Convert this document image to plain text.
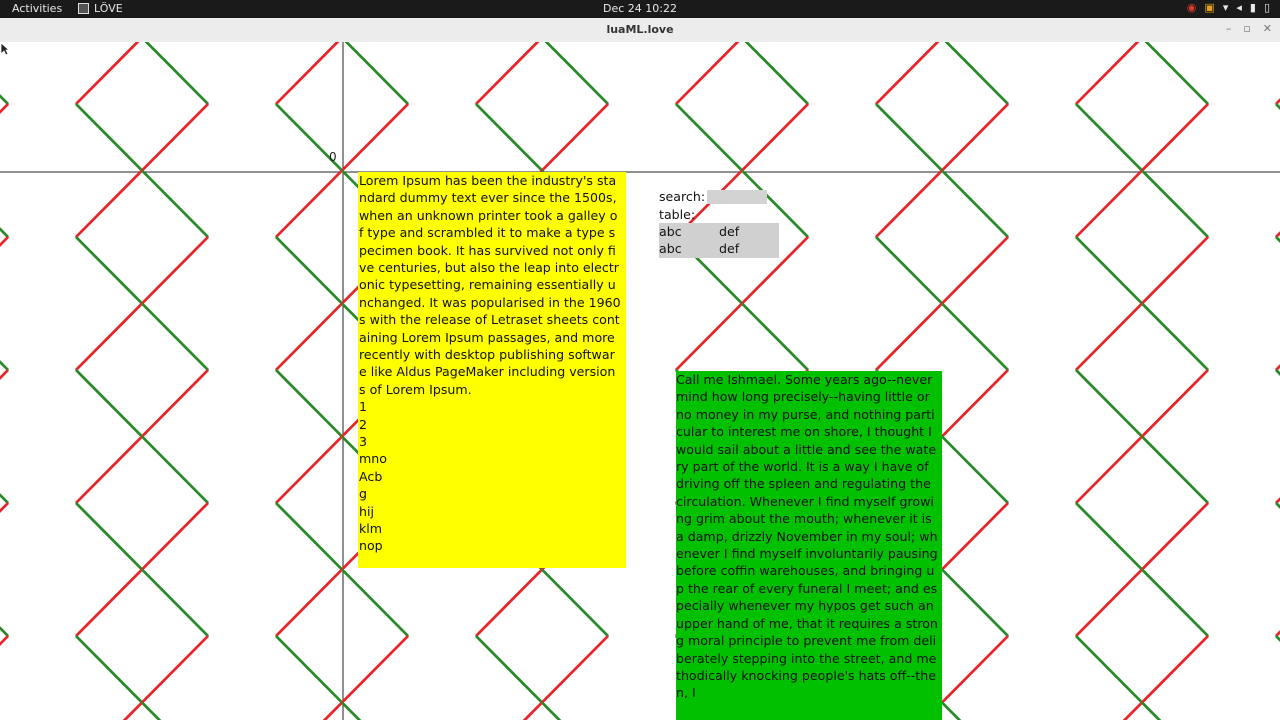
Activities	LÖVE	Dec 24 10:22	◉ ▣ ▾ ◂ ▮ ▯
luaML.love	– ▫ ✕
0
Lorem Ipsum has been the industry's standard dummy text ever since the 1500s, when an unknown printer took a galley of type and scrambled it to make a type specimen book. It has survived not only five centuries, but also the leap into electronic typesetting, remaining essentially unchanged. It was popularised in the 1960s with the release of Letraset sheets containing Lorem Ipsum passages, and more recently with desktop publishing software like Aldus PageMaker including versions of Lorem Ipsum.
1
2
3
mno
Acb
g
hij
klm
nop
search:
table:
abc	def
abc	def
Call me Ishmael. Some years ago--never mind how long precisely--having little or no money in my purse, and nothing particular to interest me on shore, I thought I would sail about a little and see the watery part of the world. It is a way I have of driving off the spleen and regulating the circulation. Whenever I find myself growing grim about the mouth; whenever it is a damp, drizzly November in my soul; whenever I find myself involuntarily pausing before coffin warehouses, and bringing up the rear of every funeral I meet; and especially whenever my hypos get such an upper hand of me, that it requires a strong moral principle to prevent me from deliberately stepping into the street, and methodically knocking people's hats off--then, I
